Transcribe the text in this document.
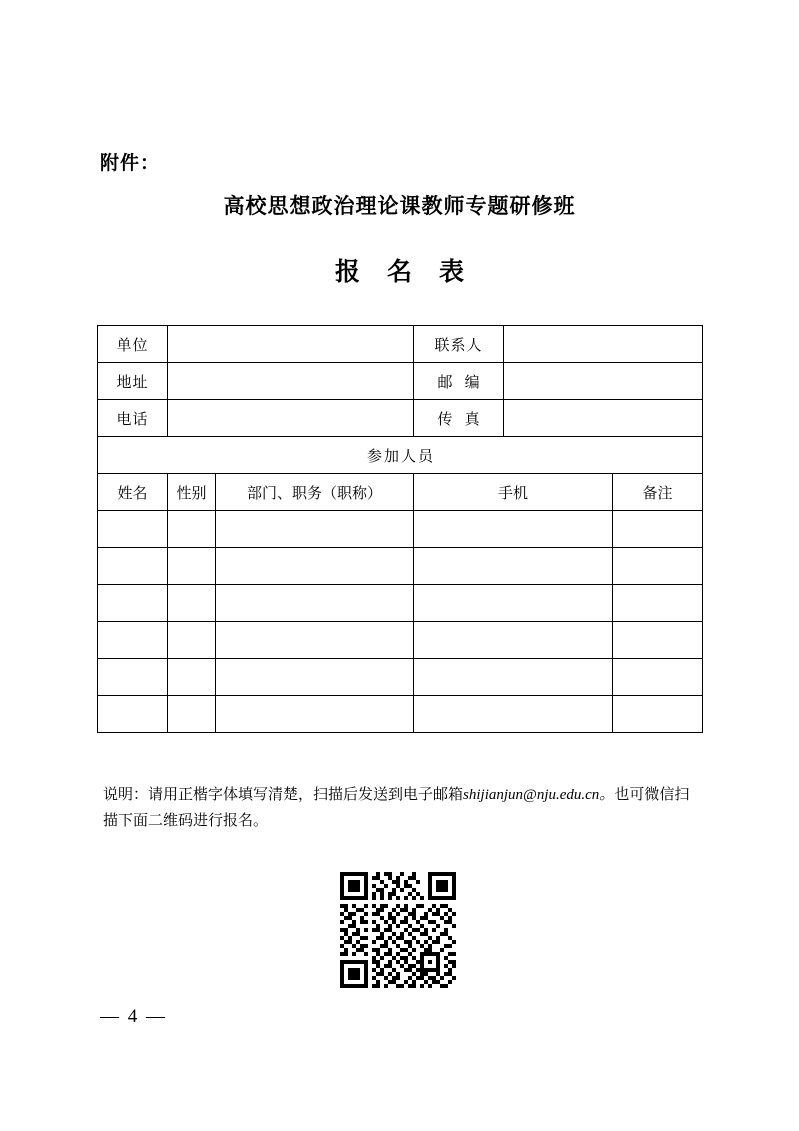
附件：
高校思想政治理论课教师专题研修班
报 名 表
单位			联系人		
地址			邮 编		
电话			传 真		
参加人员					
姓名	性别	部门、职务（职称）	手机		备注

说明：请用正楷字体填写清楚，扫描后发送到电子邮箱shijianjun@nju.edu.cn。也可微信扫描下面二维码进行报名。
— 4 —
